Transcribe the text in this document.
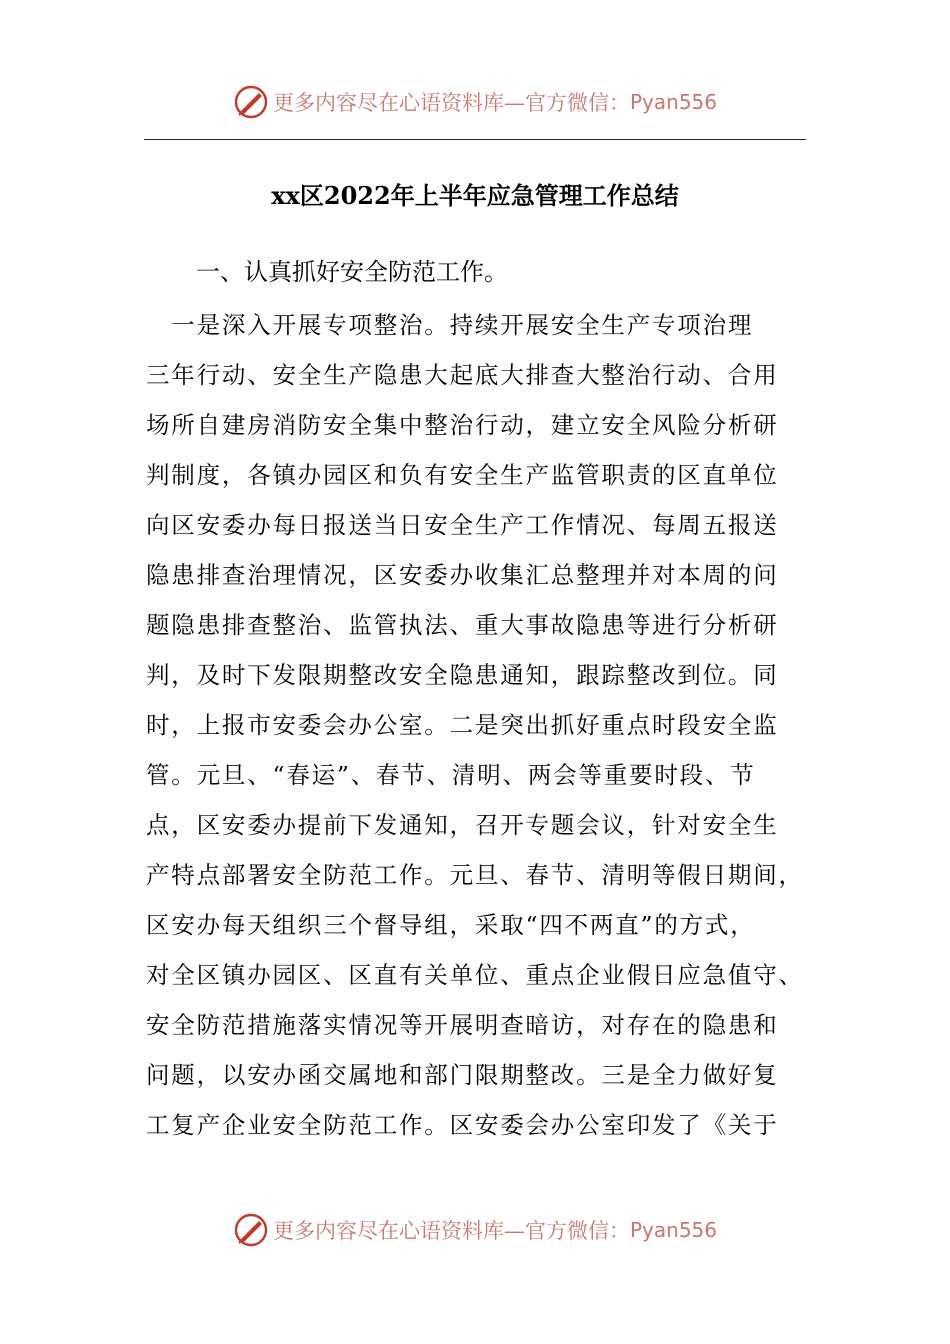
更多内容尽在心语资料库—官方微信： Pyan556
xx区2022年上半年应急管理工作总结
一、认真抓好安全防范工作。
　一是深入开展专项整治。持续开展安全生产专项治理
三年行动、安全生产隐患大起底大排查大整治行动、合用
场所自建房消防安全集中整治行动，建立安全风险分析研
判制度，各镇办园区和负有安全生产监管职责的区直单位
向区安委办每日报送当日安全生产工作情况、每周五报送
隐患排查治理情况，区安委办收集汇总整理并对本周的问
题隐患排查整治、监管执法、重大事故隐患等进行分析研
判，及时下发限期整改安全隐患通知，跟踪整改到位。同
时，上报市安委会办公室。二是突出抓好重点时段安全监
管。元旦、“春运”、春节、清明、两会等重要时段、节
点，区安委办提前下发通知，召开专题会议，针对安全生
产特点部署安全防范工作。元旦、春节、清明等假日期间，
区安办每天组织三个督导组，采取“四不两直”的方式，
对全区镇办园区、区直有关单位、重点企业假日应急值守、
安全防范措施落实情况等开展明查暗访，对存在的隐患和
问题，以安办函交属地和部门限期整改。三是全力做好复
工复产企业安全防范工作。区安委会办公室印发了《关于
更多内容尽在心语资料库—官方微信： Pyan556
